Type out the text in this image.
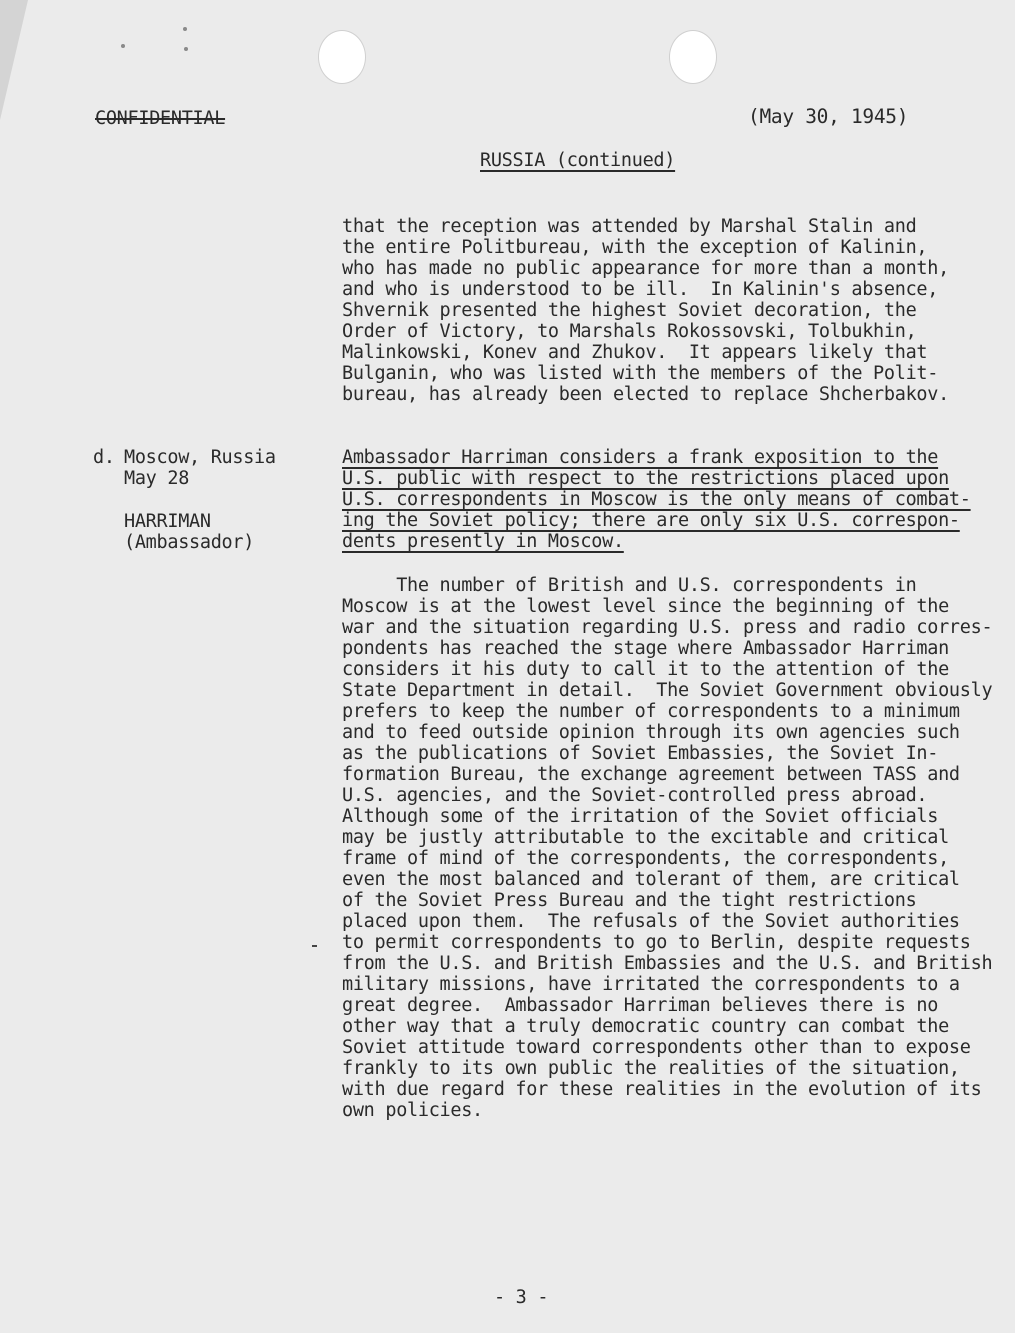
CONFIDENTIAL	(May 30, 1945)
RUSSIA (continued)
that the reception was attended by Marshal Stalin and
the entire Politbureau, with the exception of Kalinin,
who has made no public appearance for more than a month,
and who is understood to be ill.  In Kalinin's absence,
Shvernik presented the highest Soviet decoration, the
Order of Victory, to Marshals Rokossovski, Tolbukhin,
Malinkowski, Konev and Zhukov.  It appears likely that
Bulganin, who was listed with the members of the Polit-
bureau, has already been elected to replace Shcherbakov.
d. Moscow, Russia
May 28
HARRIMAN
(Ambassador)
Ambassador Harriman considers a frank exposition to the
U.S. public with respect to the restrictions placed upon
U.S. correspondents in Moscow is the only means of combat-
ing the Soviet policy; there are only six U.S. correspon-
dents presently in Moscow.
The number of British and U.S. correspondents in
Moscow is at the lowest level since the beginning of the
war and the situation regarding U.S. press and radio corres-
pondents has reached the stage where Ambassador Harriman
considers it his duty to call it to the attention of the
State Department in detail.  The Soviet Government obviously
prefers to keep the number of correspondents to a minimum
and to feed outside opinion through its own agencies such
as the publications of Soviet Embassies, the Soviet In-
formation Bureau, the exchange agreement between TASS and
U.S. agencies, and the Soviet-controlled press abroad.
Although some of the irritation of the Soviet officials
may be justly attributable to the excitable and critical
frame of mind of the correspondents, the correspondents,
even the most balanced and tolerant of them, are critical
of the Soviet Press Bureau and the tight restrictions
placed upon them.  The refusals of the Soviet authorities
to permit correspondents to go to Berlin, despite requests
from the U.S. and British Embassies and the U.S. and British
military missions, have irritated the correspondents to a
great degree.  Ambassador Harriman believes there is no
other way that a truly democratic country can combat the
Soviet attitude toward correspondents other than to expose
frankly to its own public the realities of the situation,
with due regard for these realities in the evolution of its
own policies.
- 3 -
